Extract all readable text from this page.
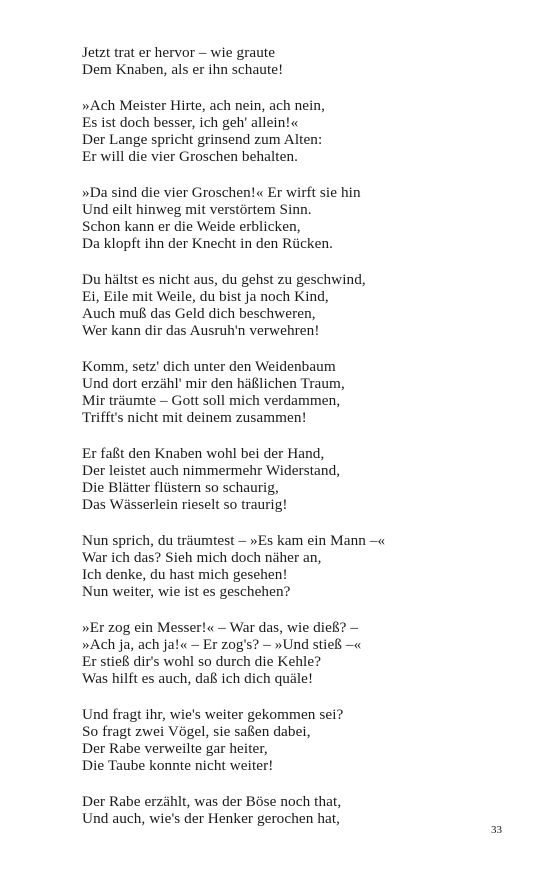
Jetzt trat er hervor – wie graute
Dem Knaben, als er ihn schaute!
»Ach Meister Hirte, ach nein, ach nein,
Es ist doch besser, ich geh' allein!«
Der Lange spricht grinsend zum Alten:
Er will die vier Groschen behalten.
»Da sind die vier Groschen!« Er wirft sie hin
Und eilt hinweg mit verstörtem Sinn.
Schon kann er die Weide erblicken,
Da klopft ihn der Knecht in den Rücken.
Du hältst es nicht aus, du gehst zu geschwind,
Ei, Eile mit Weile, du bist ja noch Kind,
Auch muß das Geld dich beschweren,
Wer kann dir das Ausruh'n verwehren!
Komm, setz' dich unter den Weidenbaum
Und dort erzähl' mir den häßlichen Traum,
Mir träumte – Gott soll mich verdammen,
Trifft's nicht mit deinem zusammen!
Er faßt den Knaben wohl bei der Hand,
Der leistet auch nimmermehr Widerstand,
Die Blätter flüstern so schaurig,
Das Wässerlein rieselt so traurig!
Nun sprich, du träumtest – »Es kam ein Mann –«
War ich das? Sieh mich doch näher an,
Ich denke, du hast mich gesehen!
Nun weiter, wie ist es geschehen?
»Er zog ein Messer!« – War das, wie dieß? –
»Ach ja, ach ja!« – Er zog's? – »Und stieß –«
Er stieß dir's wohl so durch die Kehle?
Was hilft es auch, daß ich dich quäle!
Und fragt ihr, wie's weiter gekommen sei?
So fragt zwei Vögel, sie saßen dabei,
Der Rabe verweilte gar heiter,
Die Taube konnte nicht weiter!
Der Rabe erzählt, was der Böse noch that,
Und auch, wie's der Henker gerochen hat,
33
